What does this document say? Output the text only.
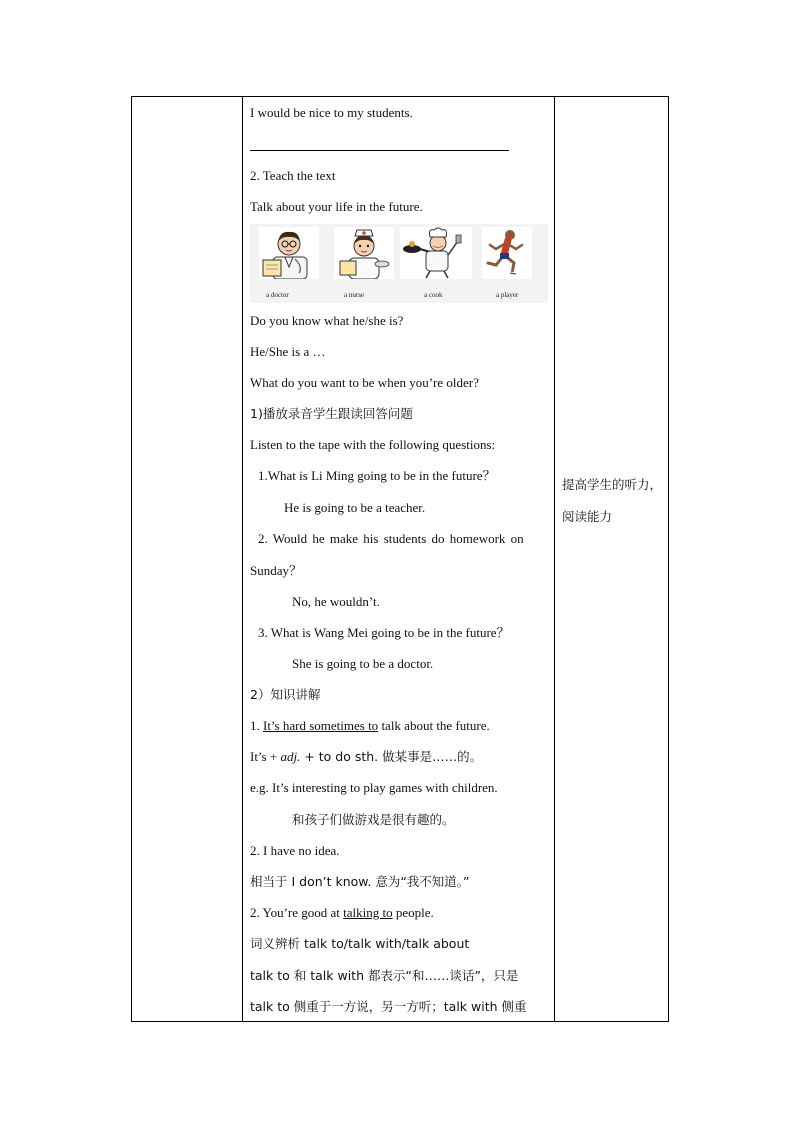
I would be nice to my students.
2. Teach the text
Talk about your life in the future.
Do you know what he/she is?
He/She is a …
What do you want to be when you’re older?
1)播放录音学生跟读回答问题
Listen to the tape with the following questions:
1.What is Li Ming going to be in the future？
He is going to be a teacher.
2. Would he make his students do homework on
Sunday？
No, he wouldn’t.
3. What is Wang Mei going to be in the future？
She is going to be a doctor.
2）知识讲解
1. It’s hard sometimes to talk about the future.
It’s + adj. + to do sth. 做某事是……的。
e.g. It’s interesting to play games with children.
和孩子们做游戏是很有趣的。
2. I have no idea.
相当于 I don’t know. 意为“我不知道。”
2. You’re good at talking to people.
词义辨析 talk to/talk with/talk about
talk to 和 talk with 都表示“和……谈话”，只是
talk to 侧重于一方说，另一方听；talk with 侧重
a doctor	a nurse	a cook	a player
提高学生的听力，
阅读能力
